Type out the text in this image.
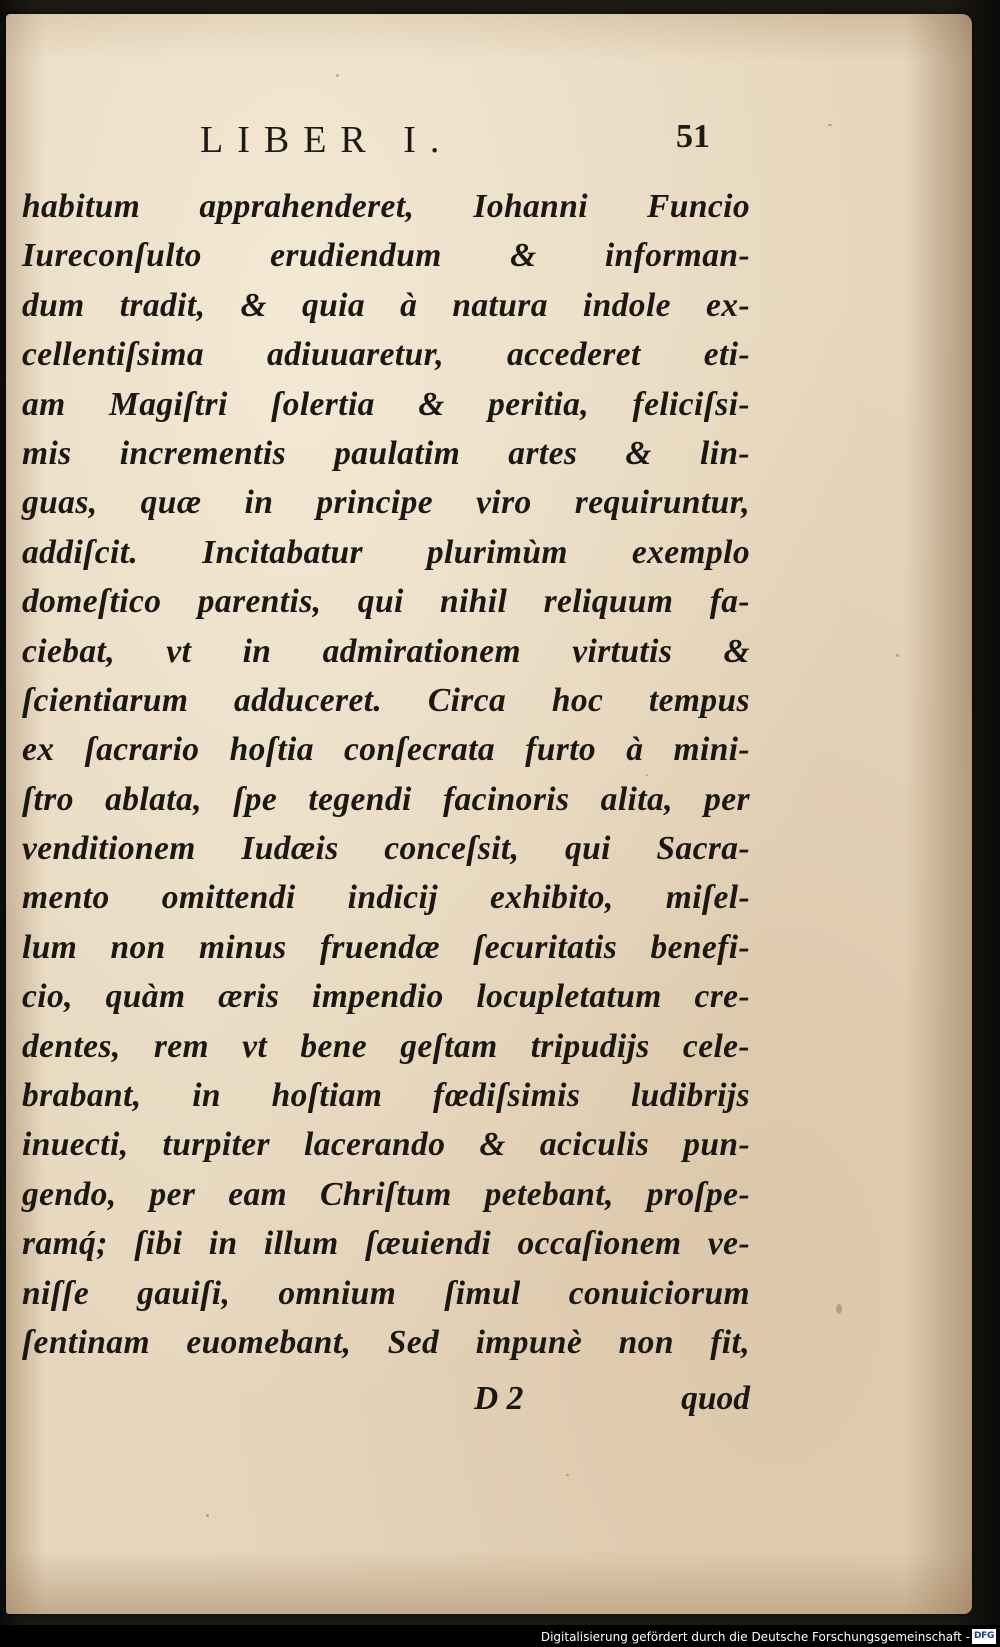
LIBER I.	51
habitum apprahenderet, Iohanni Funcio
Iureconſulto erudiendum & informan-
dum tradit, & quia à natura indole ex-
cellentiſsima adiuuaretur, accederet eti-
am Magiſtri ſolertia & peritia, feliciſsi-
mis incrementis paulatim artes & lin-
guas, quæ in principe viro requiruntur,
addiſcit. Incitabatur plurimùm exemplo
domeſtico parentis, qui nihil reliquum fa-
ciebat, vt in admirationem virtutis &
ſcientiarum adduceret. Circa hoc tempus
ex ſacrario hoſtia conſecrata furto à mini-
ſtro ablata, ſpe tegendi facinoris alita, per
venditionem Iudæis conceſsit, qui Sacra-
mento omittendi indicij exhibito, miſel-
lum non minus fruendæ ſecuritatis benefi-
cio, quàm æris impendio locupletatum cre-
dentes, rem vt bene geſtam tripudijs cele-
brabant, in hoſtiam fœdiſsimis ludibrijs
inuecti, turpiter lacerando & aciculis pun-
gendo, per eam Chriſtum petebant, proſpe-
ramq́; ſibi in illum ſæuiendi occaſionem ve-
niſſe gauiſi, omnium ſimul conuiciorum
ſentinam euomebant, Sed impunè non fit,
D 2	quod
Digitalisierung gefördert durch die Deutsche Forschungsgemeinschaft - DFG
